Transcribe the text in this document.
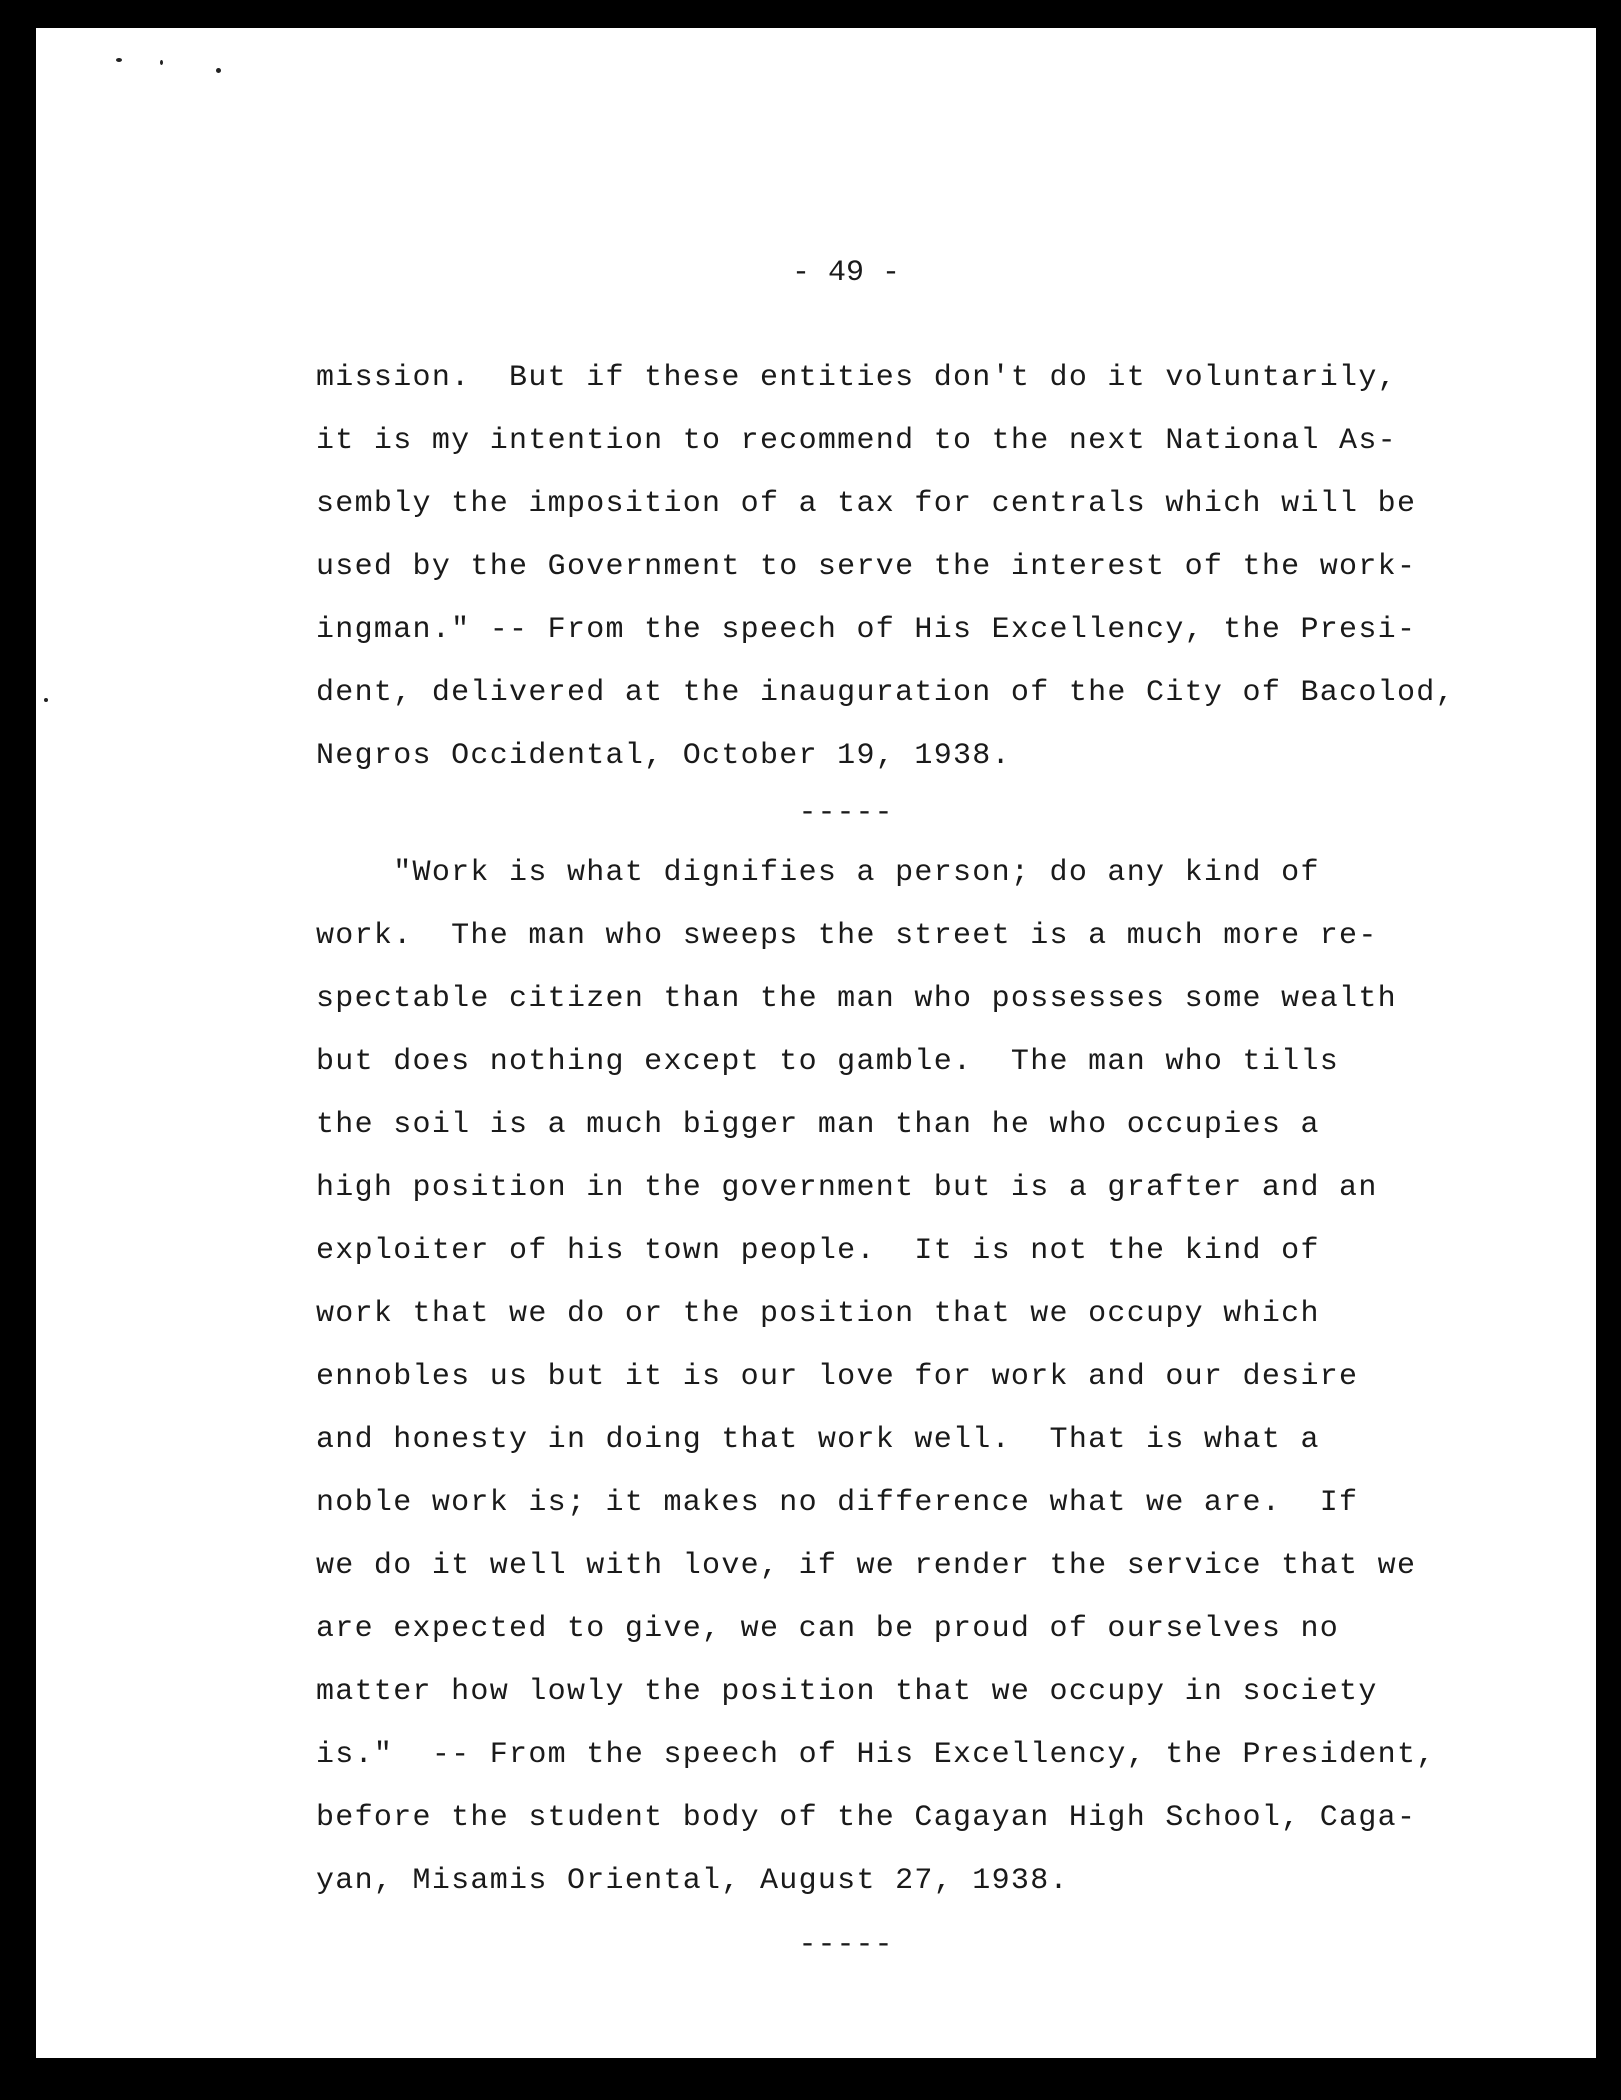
- 49 -
mission.  But if these entities don't do it voluntarily,
it is my intention to recommend to the next National As-
sembly the imposition of a tax for centrals which will be
used by the Government to serve the interest of the work-
ingman." -- From the speech of His Excellency, the Presi-
dent, delivered at the inauguration of the City of Bacolod,
Negros Occidental, October 19, 1938.
-----
"Work is what dignifies a person; do any kind of
work.  The man who sweeps the street is a much more re-
spectable citizen than the man who possesses some wealth
but does nothing except to gamble.  The man who tills
the soil is a much bigger man than he who occupies a
high position in the government but is a grafter and an
exploiter of his town people.  It is not the kind of
work that we do or the position that we occupy which
ennobles us but it is our love for work and our desire
and honesty in doing that work well.  That is what a
noble work is; it makes no difference what we are.  If
we do it well with love, if we render the service that we
are expected to give, we can be proud of ourselves no
matter how lowly the position that we occupy in society
is."  -- From the speech of His Excellency, the President,
before the student body of the Cagayan High School, Caga-
yan, Misamis Oriental, August 27, 1938.
-----
